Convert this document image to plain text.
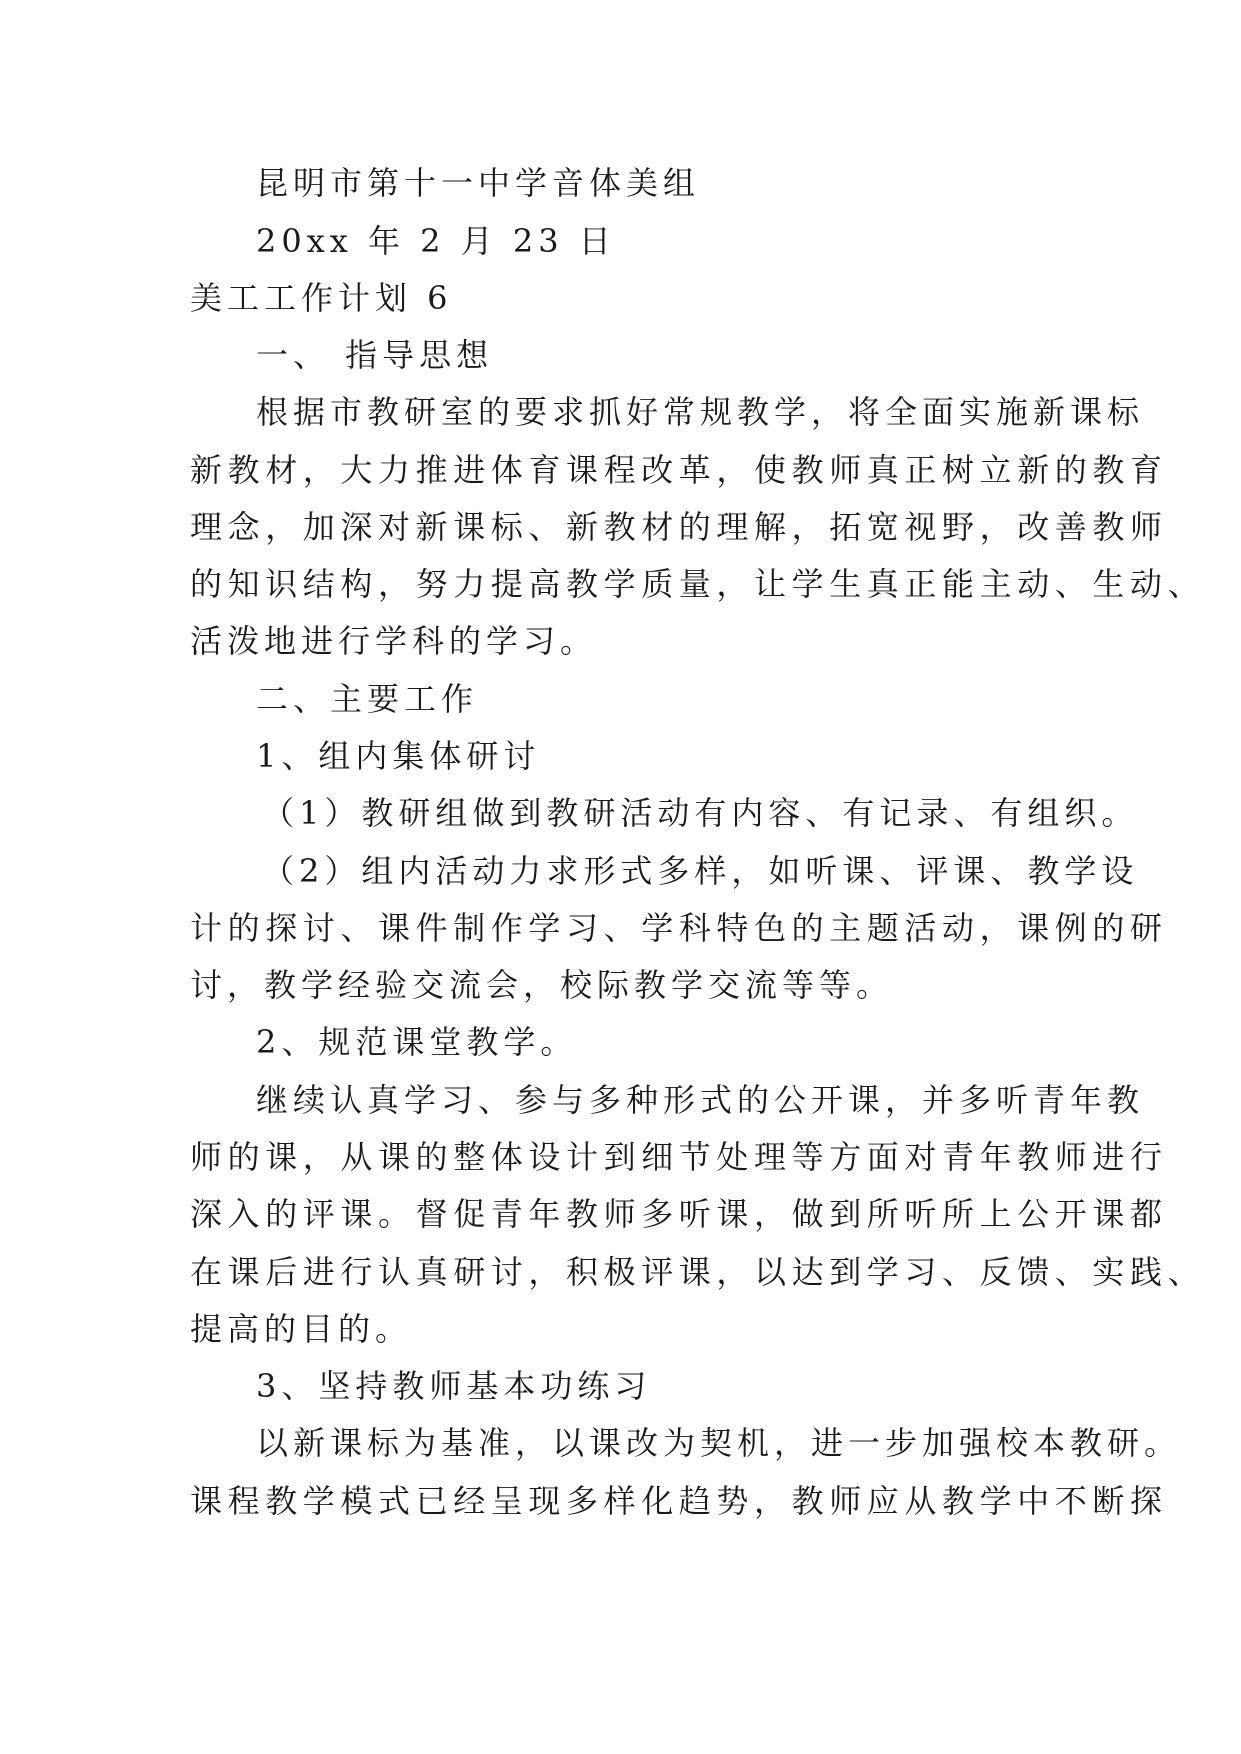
昆明市第十一中学音体美组
20xx 年 2 月 23 日
美工工作计划 6
一、 指导思想
根据市教研室的要求抓好常规教学，将全面实施新课标
新教材，大力推进体育课程改革，使教师真正树立新的教育
理念，加深对新课标、新教材的理解，拓宽视野，改善教师
的知识结构，努力提高教学质量，让学生真正能主动、生动、
活泼地进行学科的学习。
二、主要工作
1、组内集体研讨
（1）教研组做到教研活动有内容、有记录、有组织。
（2）组内活动力求形式多样，如听课、评课、教学设
计的探讨、课件制作学习、学科特色的主题活动，课例的研
讨，教学经验交流会，校际教学交流等等。
2、规范课堂教学。
继续认真学习、参与多种形式的公开课，并多听青年教
师的课，从课的整体设计到细节处理等方面对青年教师进行
深入的评课。督促青年教师多听课，做到所听所上公开课都
在课后进行认真研讨，积极评课，以达到学习、反馈、实践、
提高的目的。
3、坚持教师基本功练习
以新课标为基准，以课改为契机，进一步加强校本教研。
课程教学模式已经呈现多样化趋势，教师应从教学中不断探
